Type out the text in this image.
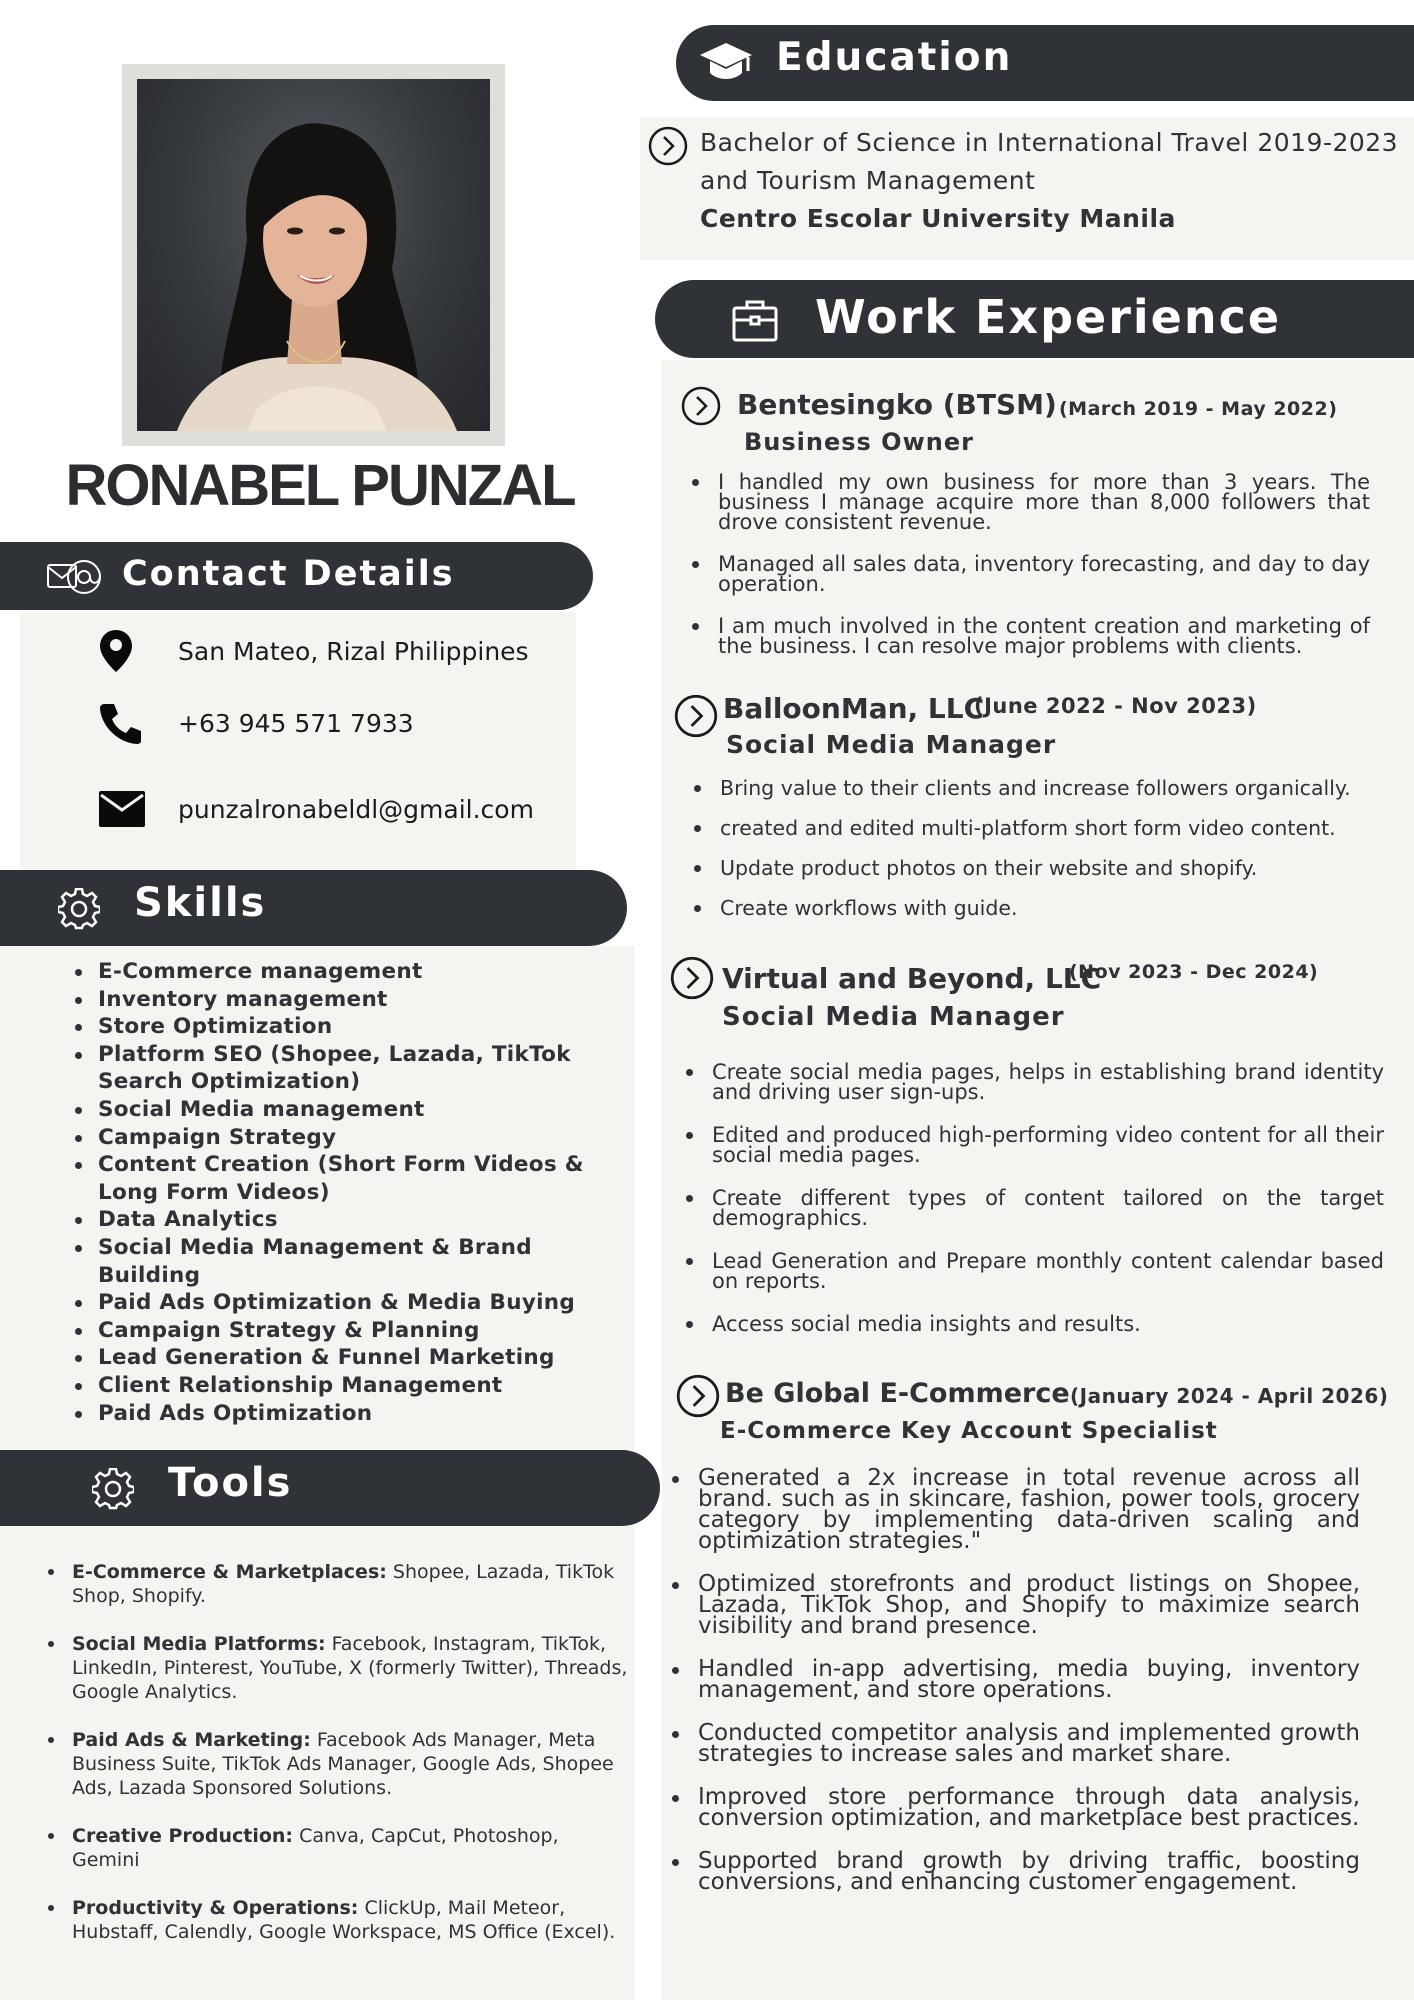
RONABEL PUNZAL
Contact Details
San Mateo, Rizal Philippines
+63 945 571 7933
punzalronabeldl@gmail.com
Skills
E-Commerce management
Inventory management
Store Optimization
Platform SEO (Shopee, Lazada, TikTok Search Optimization)
Social Media management
Campaign Strategy
Content Creation (Short Form Videos & Long Form Videos)
Data Analytics
Social Media Management & Brand Building
Paid Ads Optimization & Media Buying
Campaign Strategy & Planning
Lead Generation & Funnel Marketing
Client Relationship Management
Paid Ads Optimization
Tools
E-Commerce & Marketplaces: Shopee, Lazada, TikTok Shop, Shopify.
Social Media Platforms: Facebook, Instagram, TikTok, LinkedIn, Pinterest, YouTube, X (formerly Twitter), Threads, Google Analytics.
Paid Ads & Marketing: Facebook Ads Manager, Meta Business Suite, TikTok Ads Manager, Google Ads, Shopee Ads, Lazada Sponsored Solutions.
Creative Production: Canva, CapCut, Photoshop, Gemini
Productivity & Operations: ClickUp, Mail Meteor, Hubstaff, Calendly, Google Workspace, MS Office (Excel).
Education
Bachelor of Science in International Travel 2019-2023
and Tourism Management
Centro Escolar University Manila
Work Experience
Bentesingko (BTSM) (March 2019 - May 2022)
Business Owner
I handled my own business for more than 3 years. The business I manage acquire more than 8,000 followers that drove consistent revenue.
Managed all sales data, inventory forecasting, and day to day operation.
I am much involved in the content creation and marketing of the business. I can resolve major problems with clients.
BalloonMan, LLC
(June 2022 - Nov 2023)
Social Media Manager
Bring value to their clients and increase followers organically.
created and edited multi-platform short form video content.
Update product photos on their website and shopify.
Create workflows with guide.
Virtual and Beyond, LLC
(Nov 2023 - Dec 2024)
Social Media Manager
Create social media pages, helps in establishing brand identity and driving user sign-ups.
Edited and produced high-performing video content for all their social media pages.
Create different types of content tailored on the target demographics.
Lead Generation and Prepare monthly content calendar based on reports.
Access social media insights and results.
Be Global E-Commerce (January 2024 - April 2026)
E-Commerce Key Account Specialist
Generated a 2x increase in total revenue across all brand. such as in skincare, fashion, power tools, grocery category by implementing data-driven scaling and optimization strategies."
Optimized storefronts and product listings on Shopee, Lazada, TikTok Shop, and Shopify to maximize search visibility and brand presence.
Handled in-app advertising, media buying, inventory management, and store operations.
Conducted competitor analysis and implemented growth strategies to increase sales and market share.
Improved store performance through data analysis, conversion optimization, and marketplace best practices.
Supported brand growth by driving traffic, boosting conversions, and enhancing customer engagement.
